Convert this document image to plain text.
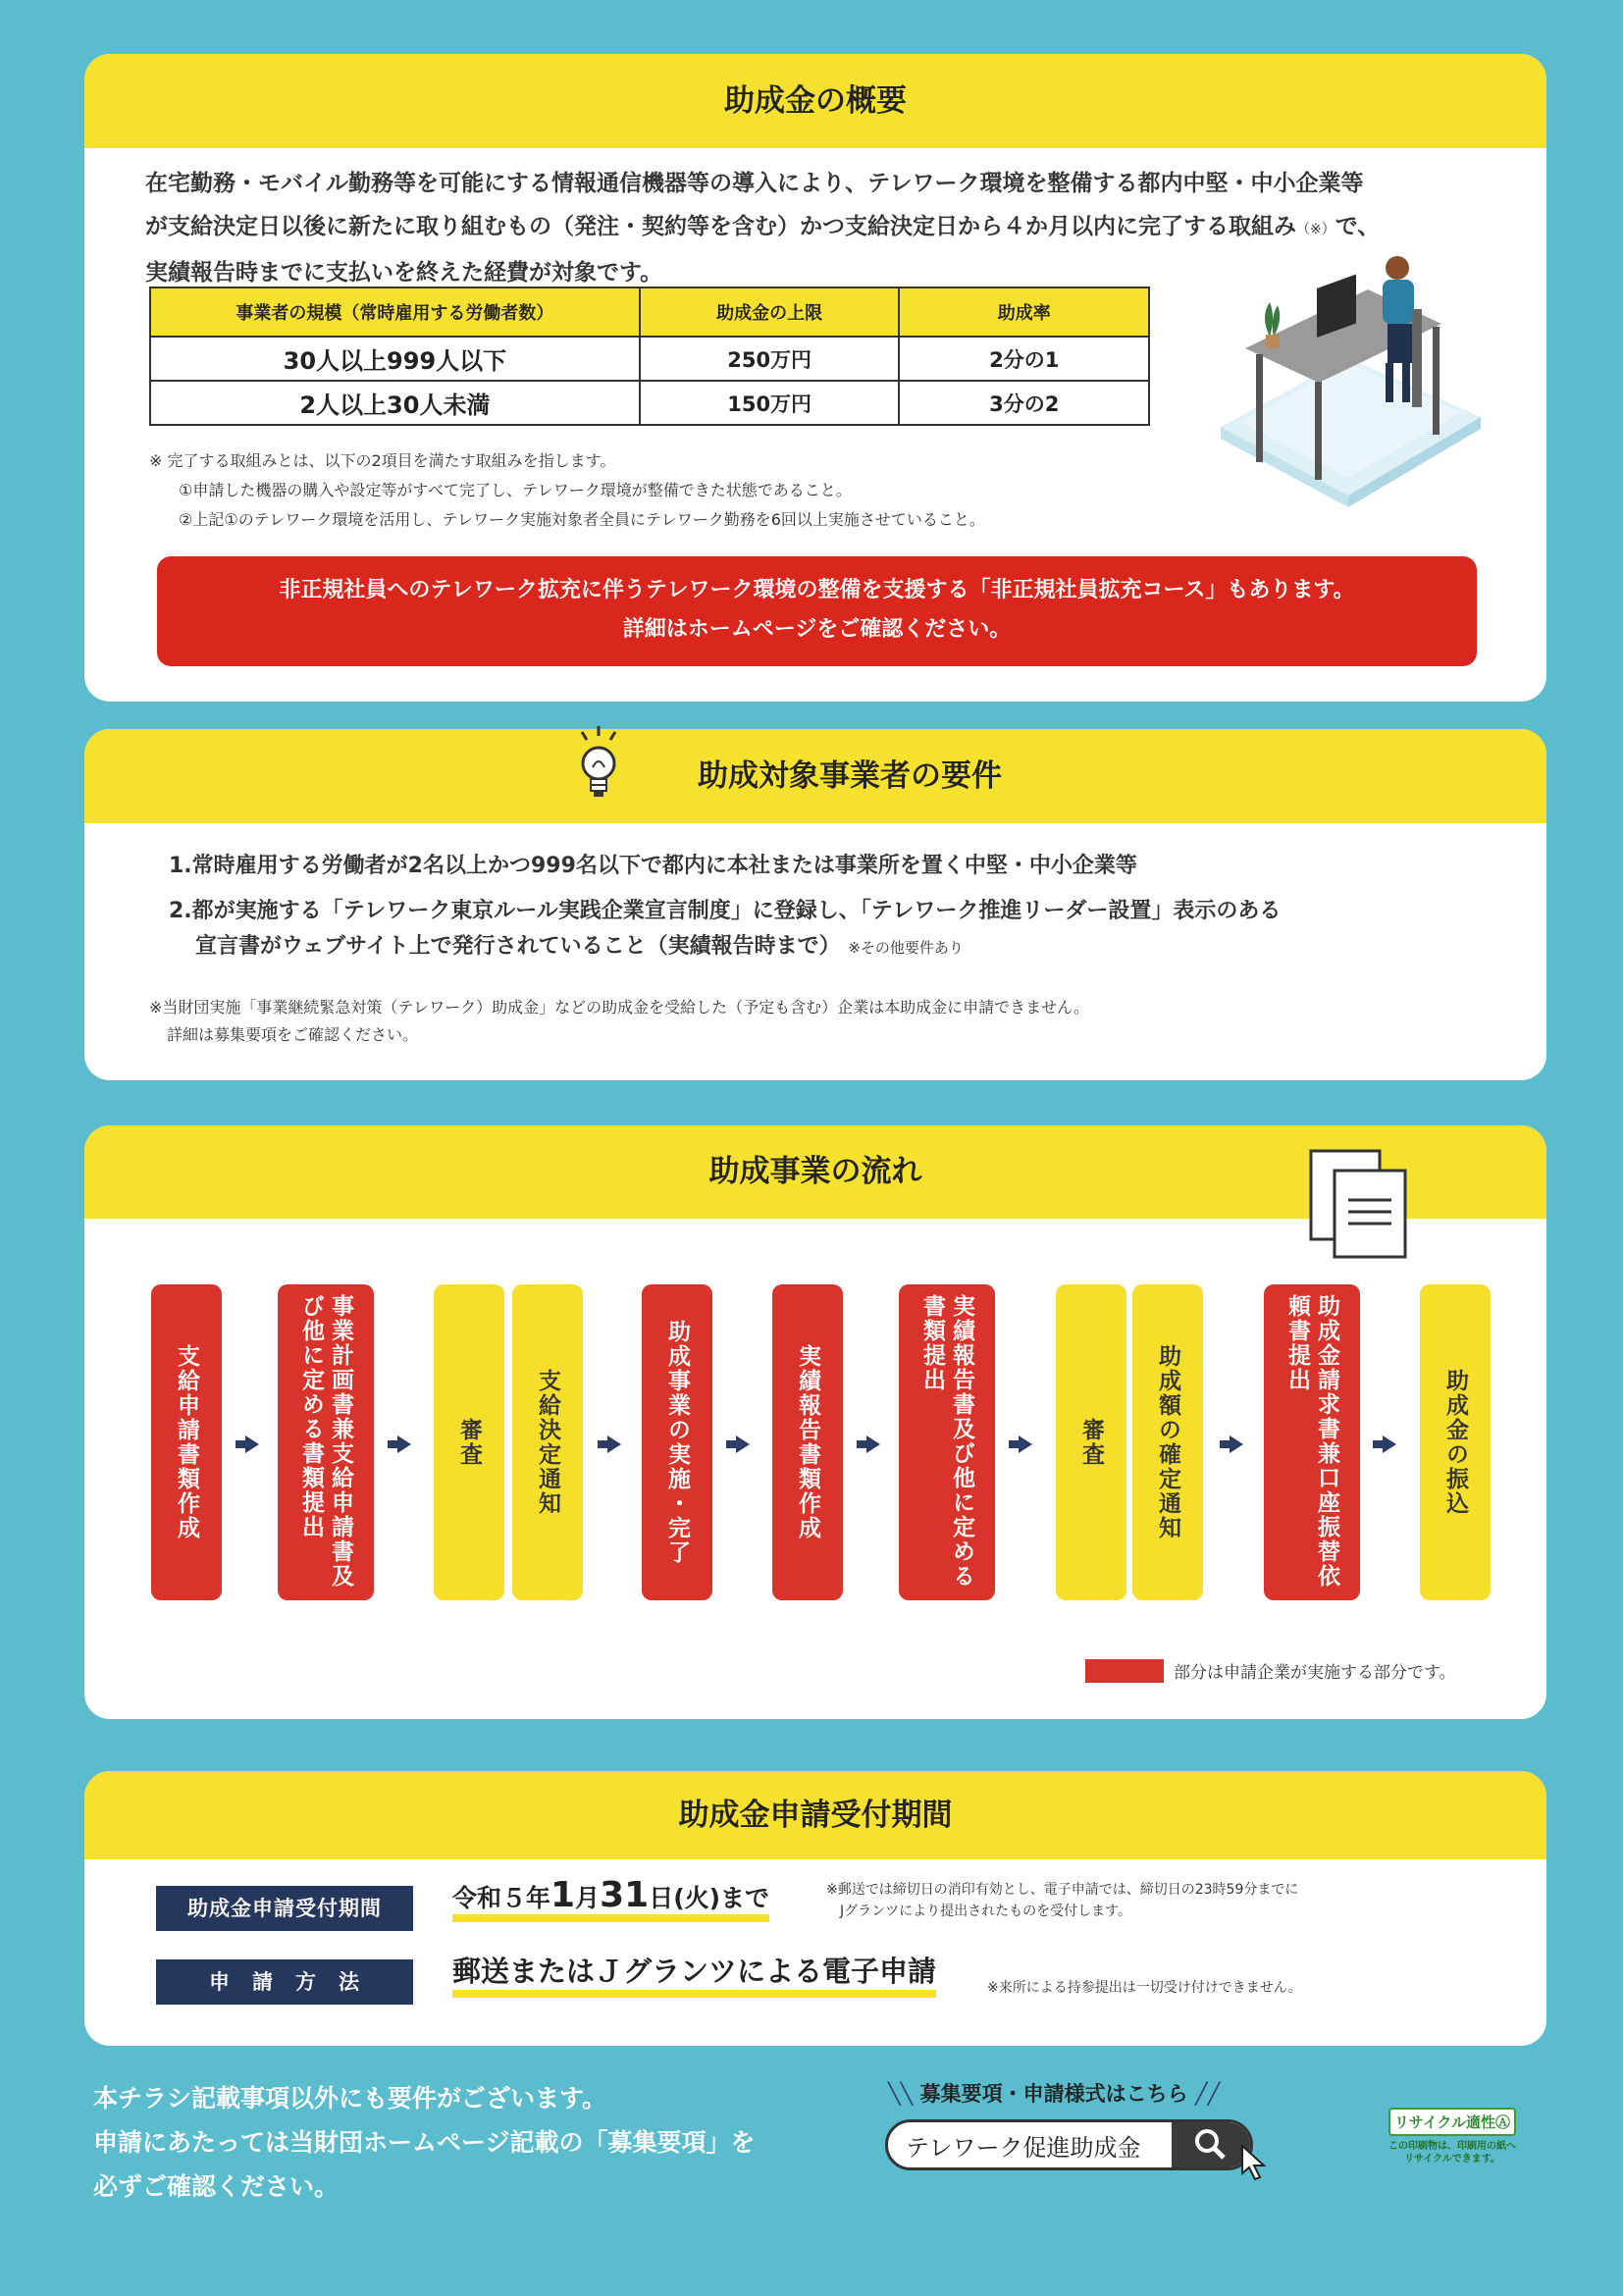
助成金の概要
在宅勤務・モバイル勤務等を可能にする情報通信機器等の導入により、テレワーク環境を整備する都内中堅・中小企業等
が支給決定日以後に新たに取り組むもの（発注・契約等を含む）かつ支給決定日から４か月以内に完了する取組み（※）で、
実績報告時までに支払いを終えた経費が対象です。
事業者の規模（常時雇用する労働者数）	助成金の上限	助成率
30人以上999人以下	250万円	2分の1
2人以上30人未満	150万円	3分の2
※ 完了する取組みとは、以下の2項目を満たす取組みを指します。
①申請した機器の購入や設定等がすべて完了し、テレワーク環境が整備できた状態であること。
②上記①のテレワーク環境を活用し、テレワーク実施対象者全員にテレワーク勤務を6回以上実施させていること。
非正規社員へのテレワーク拡充に伴うテレワーク環境の整備を支援する「非正規社員拡充コース」もあります。
詳細はホームページをご確認ください。
助成対象事業者の要件
1.常時雇用する労働者が2名以上かつ999名以下で都内に本社または事業所を置く中堅・中小企業等
2.都が実施する「テレワーク東京ルール実践企業宣言制度」に登録し、「テレワーク推進リーダー設置」表示のある
宣言書がウェブサイト上で発行されていること（実績報告時まで） ※その他要件あり
※当財団実施「事業継続緊急対策（テレワーク）助成金」などの助成金を受給した（予定も含む）企業は本助成金に申請できません。
詳細は募集要項をご確認ください。
助成事業の流れ
支給申請書類作成	事業計画書兼支給申請書及び他に定める書類提出	審査	支給決定通知	助成事業の実施・完了	実績報告書類作成	実績報告書及び他に定める書類提出
審査	助成額の確定通知	助成金請求書兼口座振替依頼書提出
助成金の振込
部分は申請企業が実施する部分です。
助成金申請受付期間
助成金申請受付期間	令和５年1月31日(火)まで	※郵送では締切日の消印有効とし、電子申請では、締切日の23時59分までに
Jグランツにより提出されたものを受付します。
申　請　方　法	郵送またはＪグランツによる電子申請	※来所による持参提出は一切受け付けできません。
本チラシ記載事項以外にも要件がございます。
申請にあたっては当財団ホームページ記載の「募集要項」を
必ずご確認ください。
╲╲ 募集要項・申請様式はこちら ╱╱
テレワーク促進助成金
リサイクル適性Ⓐ
この印刷物は、印刷用の紙へ
リサイクルできます。
